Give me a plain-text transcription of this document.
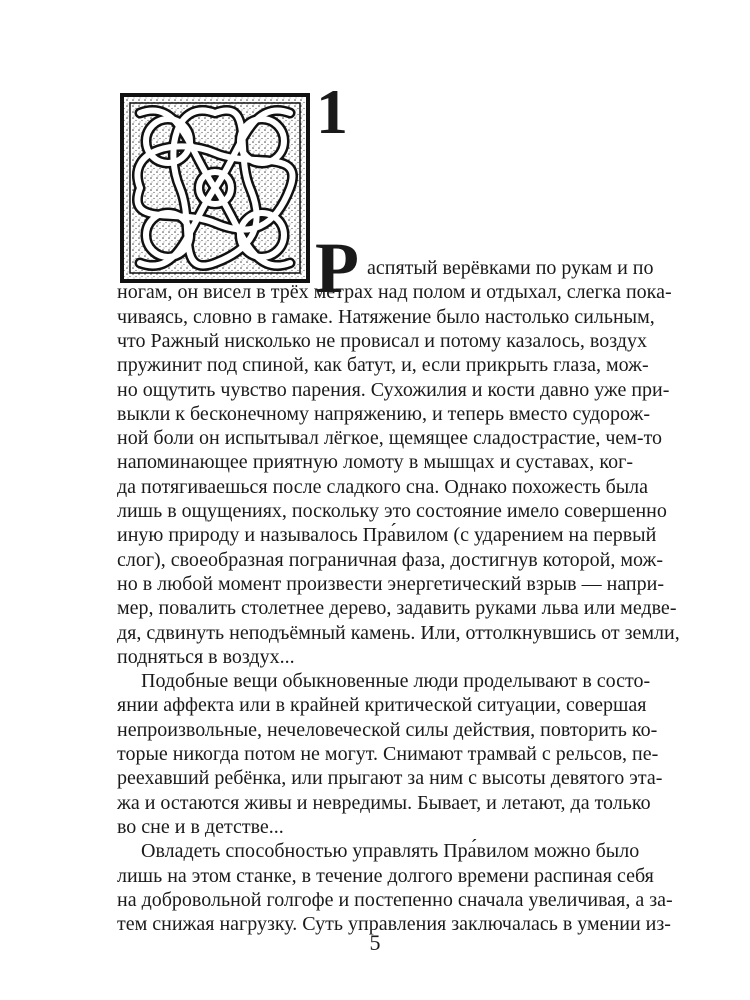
1

Р аспятый верёвками по рукам и по

ногам, он висел в трёх метрах над полом и отдыхал, слегка пока-

чиваясь, словно в гамаке. Натяжение было настолько сильным,

что Ражный нисколько не провисал и потому казалось, воздух

пружинит под спиной, как батут, и, если прикрыть глаза, мож-

но ощутить чувство парения. Сухожилия и кости давно уже при-

выкли к бесконечному напряжению, и теперь вместо судорож-

ной боли он испытывал лёгкое, щемящее сладострастие, чем-то

напоминающее приятную ломоту в мышцах и суставах, ког-

да потягиваешься после сладкого сна. Однако похожесть была

лишь в ощущениях, поскольку это состояние имело совершенно

иную природу и называлось Пра́вилом (с ударением на первый

слог), своеобразная пограничная фаза, достигнув которой, мож-

но в любой момент произвести энергетический взрыв — напри-

мер, повалить столетнее дерево, задавить руками льва или медве-

дя, сдвинуть неподъёмный камень. Или, оттолкнувшись от земли,

подняться в воздух...

Подобные вещи обыкновенные люди проделывают в состо-

янии аффекта или в крайней критической ситуации, совершая

непроизвольные, нечеловеческой силы действия, повторить ко-

торые никогда потом не могут. Снимают трамвай с рельсов, пе-

реехавший ребёнка, или прыгают за ним с высоты девятого эта-

жа и остаются живы и невредимы. Бывает, и летают, да только

во сне и в детстве...

Овладеть способностью управлять Пра́вилом можно было

лишь на этом станке, в течение долгого времени распиная себя

на добровольной голгофе и постепенно сначала увеличивая, а за-

тем снижая нагрузку. Суть управления заключалась в умении из-

5
